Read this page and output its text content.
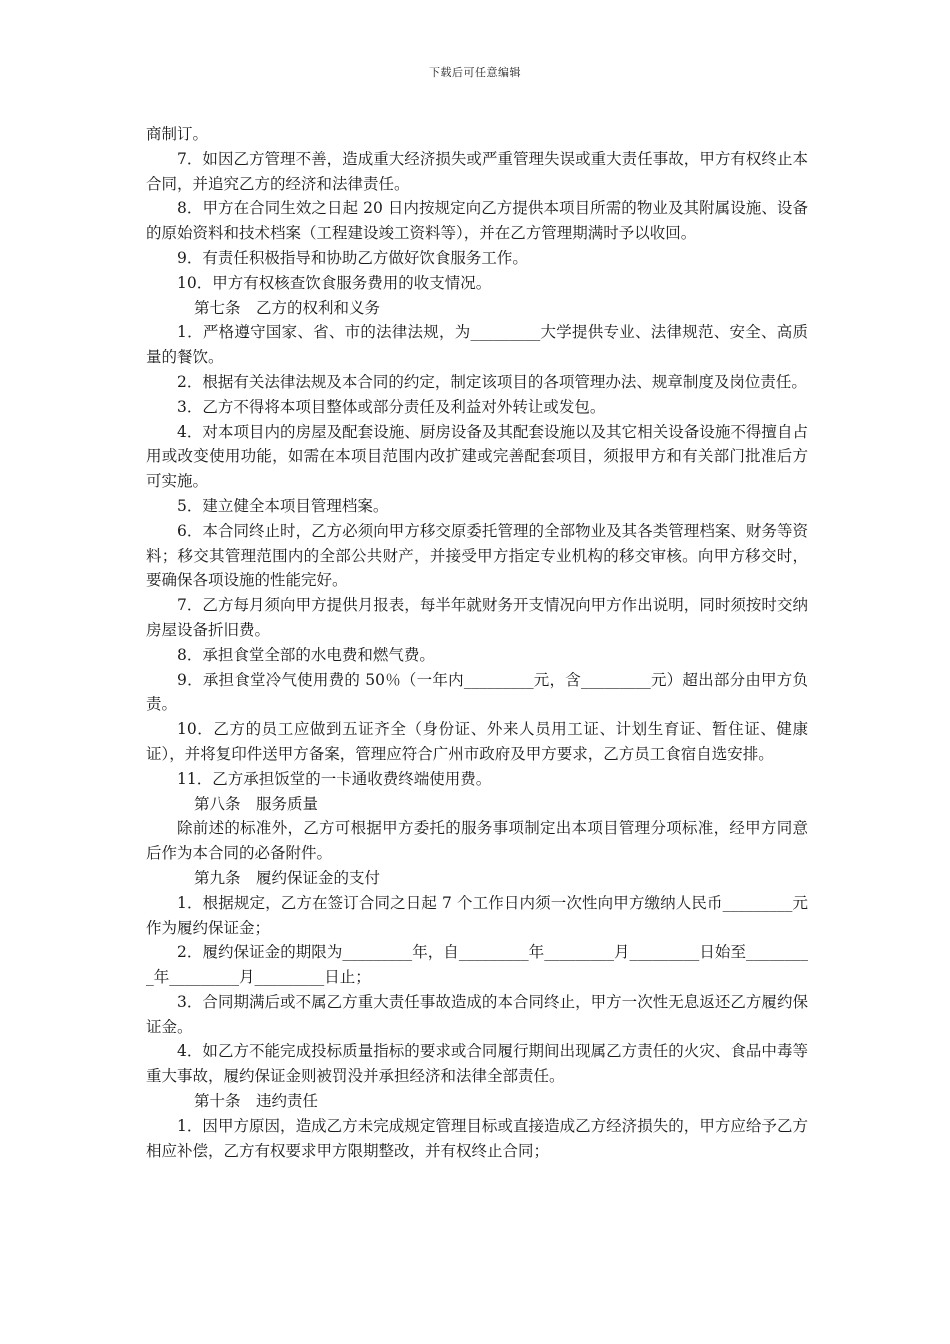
下载后可任意编辑

商制订。

7．如因乙方管理不善，造成重大经济损失或严重管理失误或重大责任事故，甲方有权终止本合同，并追究乙方的经济和法律责任。

8．甲方在合同生效之日起 20 日内按规定向乙方提供本项目所需的物业及其附属设施、设备的原始资料和技术档案（工程建设竣工资料等），并在乙方管理期满时予以收回。

9．有责任积极指导和协助乙方做好饮食服务工作。

10．甲方有权核查饮食服务费用的收支情况。

第七条　乙方的权利和义务

1．严格遵守国家、省、市的法律法规，为_________大学提供专业、法律规范、安全、高质量的餐饮。

2．根据有关法律法规及本合同的约定，制定该项目的各项管理办法、规章制度及岗位责任。

3．乙方不得将本项目整体或部分责任及利益对外转让或发包。

4．对本项目内的房屋及配套设施、厨房设备及其配套设施以及其它相关设备设施不得擅自占用或改变使用功能，如需在本项目范围内改扩建或完善配套项目，须报甲方和有关部门批准后方可实施。

5．建立健全本项目管理档案。

6．本合同终止时，乙方必须向甲方移交原委托管理的全部物业及其各类管理档案、财务等资料；移交其管理范围内的全部公共财产，并接受甲方指定专业机构的移交审核。向甲方移交时，要确保各项设施的性能完好。

7．乙方每月须向甲方提供月报表，每半年就财务开支情况向甲方作出说明，同时须按时交纳房屋设备折旧费。

8．承担食堂全部的水电费和燃气费。

9．承担食堂冷气使用费的 50％（一年内_________元，含_________元）超出部分由甲方负责。

10．乙方的员工应做到五证齐全（身份证、外来人员用工证、计划生育证、暂住证、健康证），并将复印件送甲方备案，管理应符合广州市政府及甲方要求，乙方员工食宿自选安排。

11．乙方承担饭堂的一卡通收费终端使用费。

第八条　服务质量

除前述的标准外，乙方可根据甲方委托的服务事项制定出本项目管理分项标准，经甲方同意后作为本合同的必备附件。

第九条　履约保证金的支付

1．根据规定，乙方在签订合同之日起 7 个工作日内须一次性向甲方缴纳人民币_________元作为履约保证金；

2．履约保证金的期限为_________年，自_________年_________月_________日始至_________年_________月_________日止；

3．合同期满后或不属乙方重大责任事故造成的本合同终止，甲方一次性无息返还乙方履约保证金。

4．如乙方不能完成投标质量指标的要求或合同履行期间出现属乙方责任的火灾、食品中毒等重大事故，履约保证金则被罚没并承担经济和法律全部责任。

第十条　违约责任

1．因甲方原因，造成乙方未完成规定管理目标或直接造成乙方经济损失的，甲方应给予乙方相应补偿，乙方有权要求甲方限期整改，并有权终止合同；
